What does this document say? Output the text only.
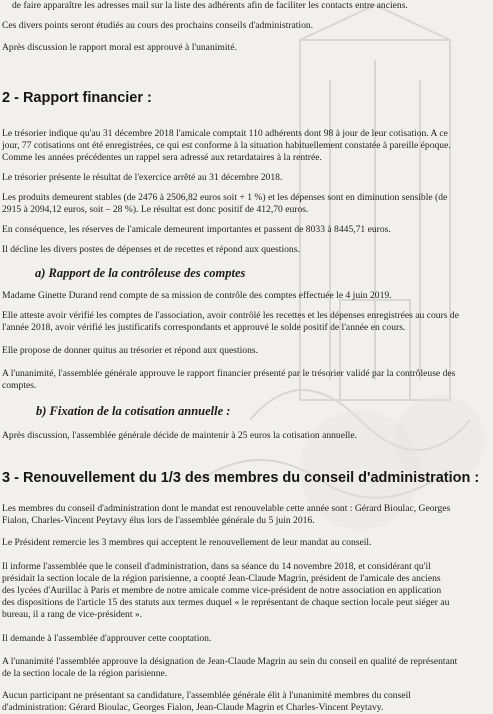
de faire apparaître les adresses mail sur la liste des adhérents afin de faciliter les contacts entre anciens.

Ces divers points seront étudiés au cours des prochains conseils d'administration.

Après discussion le rapport moral est approuvé à l'unanimité.

2 - Rapport financier :

Le trésorier indique qu'au 31 décembre 2018 l'amicale comptait 110 adhérents dont 98 à jour de leur cotisation. A ce

jour, 77 cotisations ont été enregistrées, ce qui est conforme à la situation habituellement constatée à pareille époque.

Comme les années précédentes un rappel sera adressé aux retardataires à la rentrée.

Le trésorier présente le résultat de l'exercice arrêté au 31 décembre 2018.

Les produits demeurent stables (de 2476 à 2506,82 euros soit + 1 %) et les dépenses sont en diminution sensible (de

2915 à 2094,12 euros, soit – 28 %). Le résultat est donc positif de 412,70 euros.

En conséquence, les réserves de l'amicale demeurent importantes et passent de 8033 à 8445,71 euros.

Il décline les divers postes de dépenses et de recettes et répond aux questions.

a) Rapport de la contrôleuse des comptes

Madame Ginette Durand rend compte de sa mission de contrôle des comptes effectuée le 4 juin 2019.

Elle atteste avoir vérifié les comptes de l'association, avoir contrôlé les recettes et les dépenses enregistrées au cours de

l'année 2018, avoir vérifié les justificatifs correspondants et approuvé le solde positif de l'année en cours.

Elle propose de donner quitus au trésorier et répond aux questions.

A l'unanimité, l'assemblée générale approuve le rapport financier présenté par le trésorier validé par la contrôleuse des

comptes.

b) Fixation de la cotisation annuelle :

Après discussion, l'assemblée générale décide de maintenir à 25 euros la cotisation annuelle.

3 - Renouvellement du 1/3 des membres du conseil d'administration :

Les membres du conseil d'administration dont le mandat est renouvelable cette année sont : Gérard Bioulac, Georges

Fialon, Charles-Vincent Peytavy élus lors de l'assemblée générale du 5 juin 2016.

Le Président remercie les 3 membres qui acceptent le renouvellement de leur mandat au conseil.

Il informe l'assemblée que le conseil d'administration, dans sa séance du 14 novembre 2018, et considérant qu'il

présidait la section locale de la région parisienne, a coopté Jean-Claude Magrin, président de l'amicale des anciens

des lycées d'Aurillac à Paris et membre de notre amicale comme vice-président de notre association en application

des dispositions de l'article 15 des statuts aux termes duquel « le représentant de chaque section locale peut siéger au

bureau, il a rang de vice-président ».

Il demande à l'assemblée d'approuver cette cooptation.

A l'unanimité l'assemblée approuve la désignation de Jean-Claude Magrin au sein du conseil en qualité de représentant

de la section locale de la région parisienne.

Aucun participant ne présentant sa candidature, l'assemblée générale élit à l'unanimité membres du conseil

d'administration: Gérard Bioulac, Georges Fialon, Jean-Claude Magrin et Charles-Vincent Peytavy.
